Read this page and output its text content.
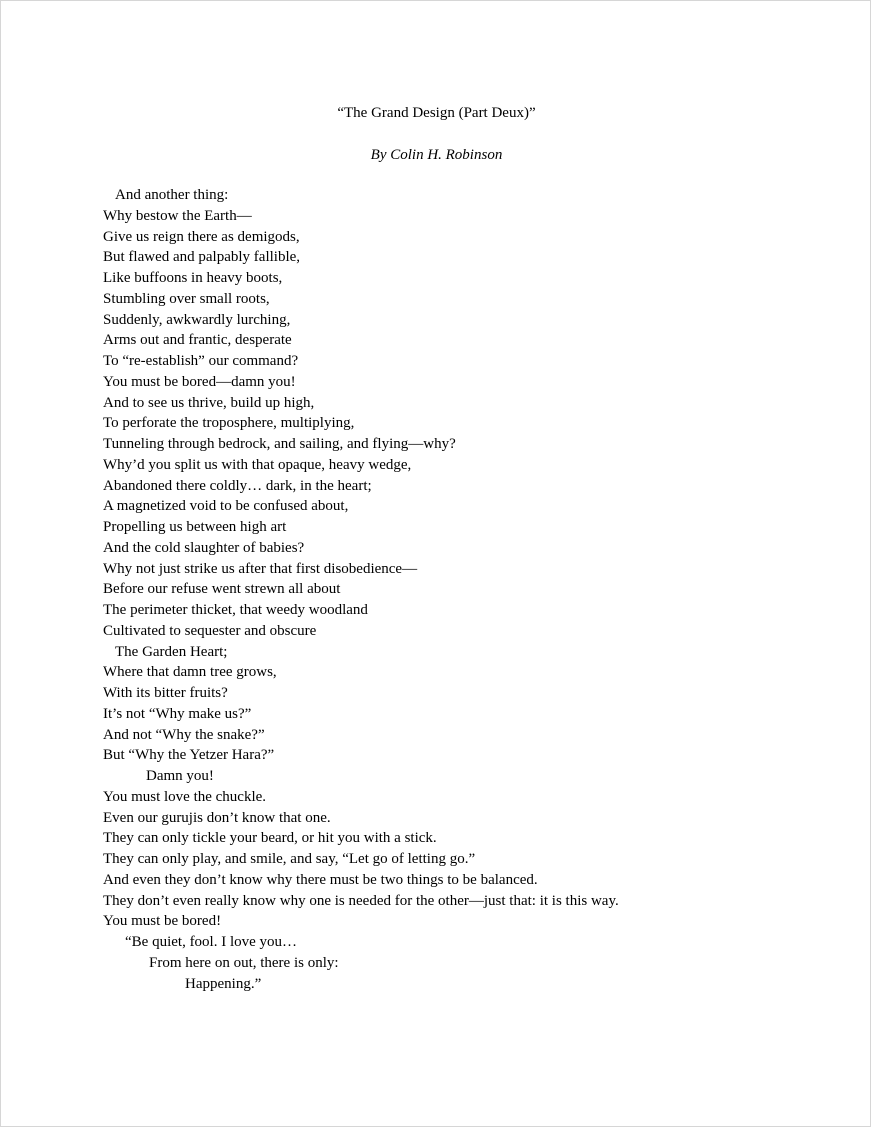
“The Grand Design (Part Deux)”

By Colin H. Robinson

And another thing:
Why bestow the Earth—
Give us reign there as demigods,
But flawed and palpably fallible,
Like buffoons in heavy boots,
Stumbling over small roots,
Suddenly, awkwardly lurching,
Arms out and frantic, desperate
To “re-establish” our command?
You must be bored—damn you!
And to see us thrive, build up high,
To perforate the troposphere, multiplying,
Tunneling through bedrock, and sailing, and flying—why?
Why’d you split us with that opaque, heavy wedge,
Abandoned there coldly… dark, in the heart;
A magnetized void to be confused about,
Propelling us between high art
And the cold slaughter of babies?
Why not just strike us after that first disobedience—
Before our refuse went strewn all about
The perimeter thicket, that weedy woodland
Cultivated to sequester and obscure
The Garden Heart;
Where that damn tree grows,
With its bitter fruits?
It’s not “Why make us?”
And not “Why the snake?”
But “Why the Yetzer Hara?”
Damn you!
You must love the chuckle.
Even our gurujis don’t know that one.
They can only tickle your beard, or hit you with a stick.
They can only play, and smile, and say, “Let go of letting go.”
And even they don’t know why there must be two things to be balanced.
They don’t even really know why one is needed for the other—just that: it is this way.
You must be bored!
“Be quiet, fool. I love you…
From here on out, there is only:
Happening.”
